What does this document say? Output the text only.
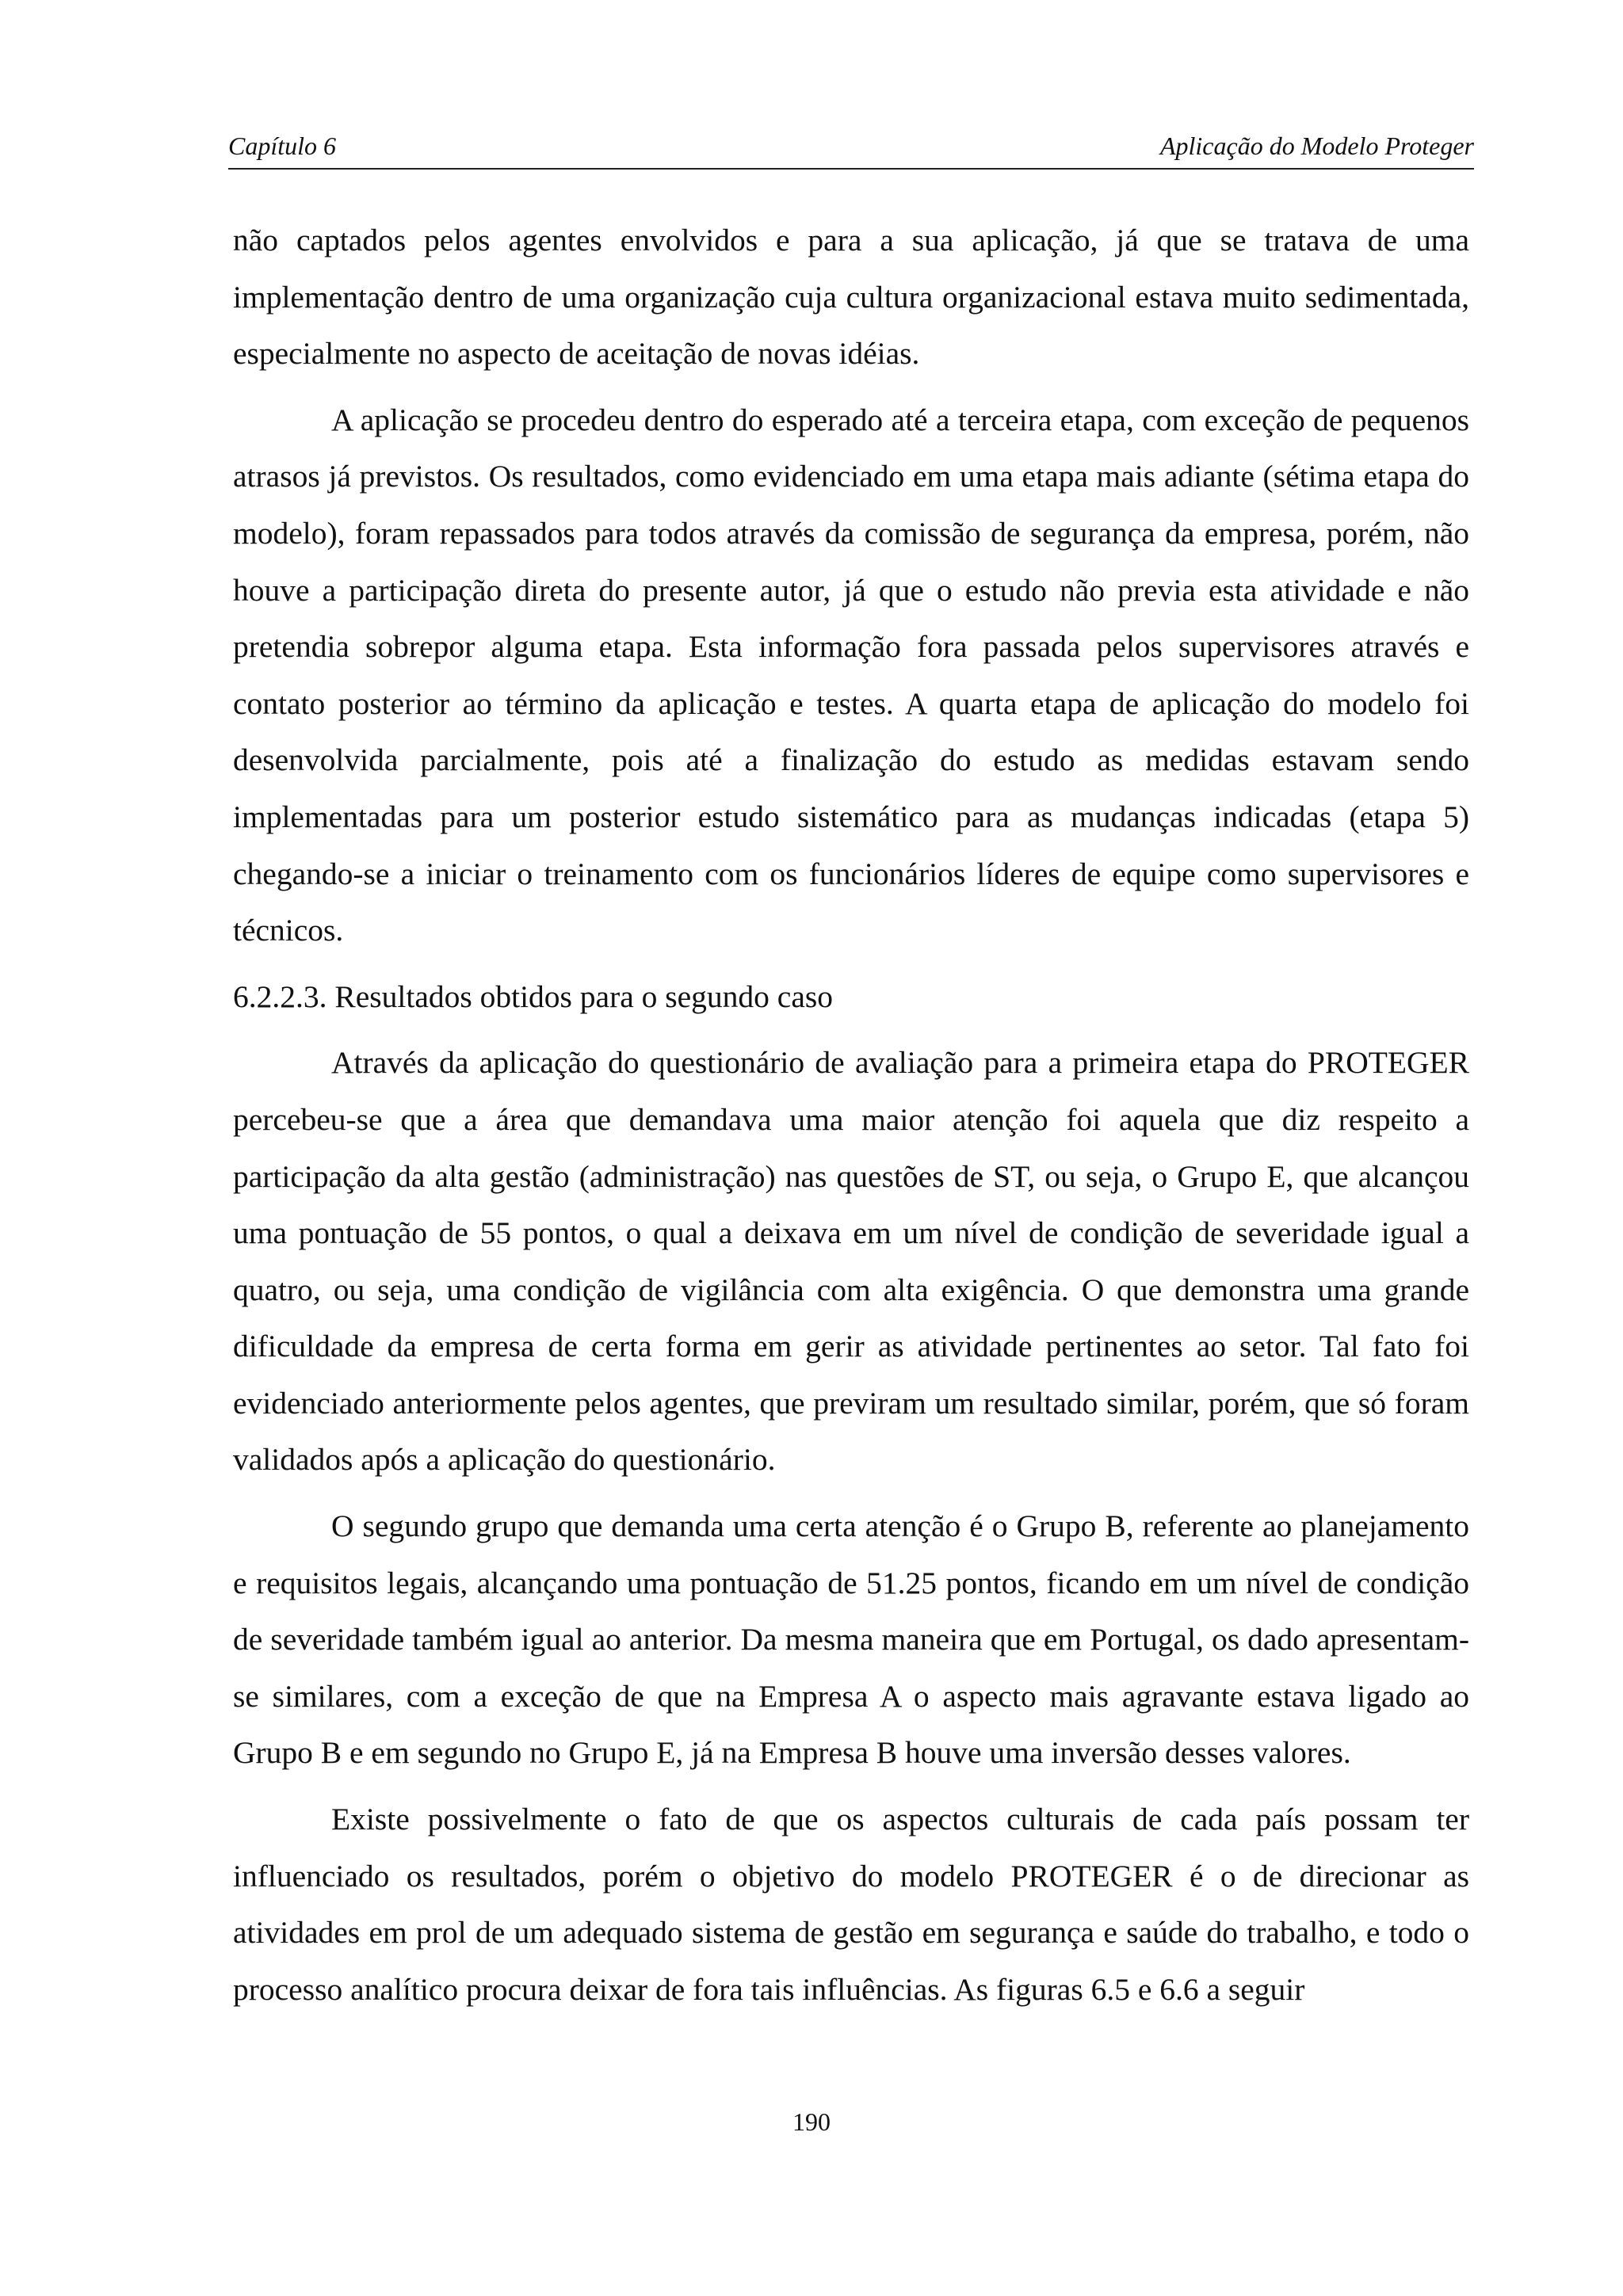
Capítulo 6	Aplicação do Modelo Proteger

não captados pelos agentes envolvidos e para a sua aplicação, já que se tratava de uma implementação dentro de uma organização cuja cultura organizacional estava muito sedimentada, especialmente no aspecto de aceitação de novas idéias.

A aplicação se procedeu dentro do esperado até a terceira etapa, com exceção de pequenos atrasos já previstos. Os resultados, como evidenciado em uma etapa mais adiante (sétima etapa do modelo), foram repassados para todos através da comissão de segurança da empresa, porém, não houve a participação direta do presente autor, já que o estudo não previa esta atividade e não pretendia sobrepor alguma etapa. Esta informação fora passada pelos supervisores através e contato posterior ao término da aplicação e testes. A quarta etapa de aplicação do modelo foi desenvolvida parcialmente, pois até a finalização do estudo as medidas estavam sendo implementadas para um posterior estudo sistemático para as mudanças indicadas (etapa 5) chegando-se a iniciar o treinamento com os funcionários líderes de equipe como supervisores e técnicos.

6.2.2.3. Resultados obtidos para o segundo caso

Através da aplicação do questionário de avaliação para a primeira etapa do PROTEGER percebeu-se que a área que demandava uma maior atenção foi aquela que diz respeito a participação da alta gestão (administração) nas questões de ST, ou seja, o Grupo E, que alcançou uma pontuação de 55 pontos, o qual a deixava em um nível de condição de severidade igual a quatro, ou seja, uma condição de vigilância com alta exigência. O que demonstra uma grande dificuldade da empresa de certa forma em gerir as atividade pertinentes ao setor. Tal fato foi evidenciado anteriormente pelos agentes, que previram um resultado similar, porém, que só foram validados após a aplicação do questionário.

O segundo grupo que demanda uma certa atenção é o Grupo B, referente ao planejamento e requisitos legais, alcançando uma pontuação de 51.25 pontos, ficando em um nível de condição de severidade também igual ao anterior. Da mesma maneira que em Portugal, os dado apresentam-se similares, com a exceção de que na Empresa A o aspecto mais agravante estava ligado ao Grupo B e em segundo no Grupo E, já na Empresa B houve uma inversão desses valores.

Existe possivelmente o fato de que os aspectos culturais de cada país possam ter influenciado os resultados, porém o objetivo do modelo PROTEGER é o de direcionar as atividades em prol de um adequado sistema de gestão em segurança e saúde do trabalho, e todo o processo analítico procura deixar de fora tais influências. As figuras 6.5 e 6.6 a seguir

190
